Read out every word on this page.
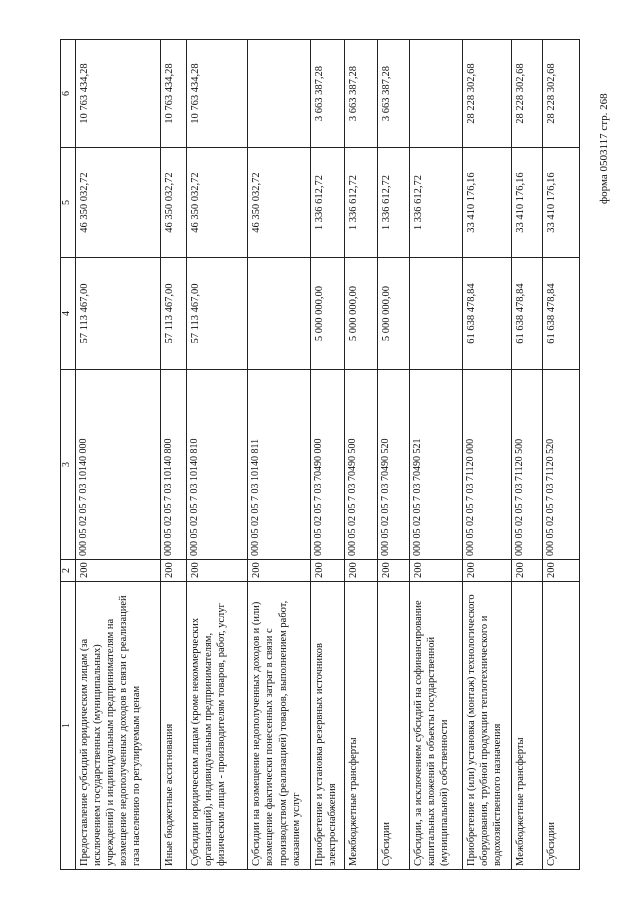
форма 0503117 стр. 268
1	2	3	4	5	6
Предоставление субсидий юридическим лицам (за исключением государственных (муниципальных) учреждений) и индивидуальным предпринимателям на возмещение недополученных доходов в связи с реализацией газа населению по регулируемым ценам	200	000 05 02 05 7 03 10140 000	57 113 467,00	46 350 032,72	10 763 434,28
Иные бюджетные ассигнования	200	000 05 02 05 7 03 10140 800	57 113 467,00	46 350 032,72	10 763 434,28
Субсидии юридическим лицам (кроме некоммерческих организаций), индивидуальным предпринимателям, физическим лицам - производителям товаров, работ, услуг	200	000 05 02 05 7 03 10140 810	57 113 467,00	46 350 032,72	10 763 434,28
Субсидии на возмещение недополученных доходов и (или) возмещение фактически понесенных затрат в связи с производством (реализацией) товаров, выполнением работ, оказанием услуг	200	000 05 02 05 7 03 10140 811		46 350 032,72	
Приобретение и установка резервных источников электроснабжения	200	000 05 02 05 7 03 70490 000	5 000 000,00	1 336 612,72	3 663 387,28
Межбюджетные трансферты	200	000 05 02 05 7 03 70490 500	5 000 000,00	1 336 612,72	3 663 387,28
Субсидии	200	000 05 02 05 7 03 70490 520	5 000 000,00	1 336 612,72	3 663 387,28
Субсидии, за исключением субсидий на софинансирование капитальных вложений в объекты государственной (муниципальной) собственности	200	000 05 02 05 7 03 70490 521		1 336 612,72	
Приобретение и (или) установка (монтаж) технологического оборудования, трубной продукции теплотехнического и водохозяйственного назначения	200	000 05 02 05 7 03 71120 000	61 638 478,84	33 410 176,16	28 228 302,68
Межбюджетные трансферты	200	000 05 02 05 7 03 71120 500	61 638 478,84	33 410 176,16	28 228 302,68
Субсидии	200	000 05 02 05 7 03 71120 520	61 638 478,84	33 410 176,16	28 228 302,68
